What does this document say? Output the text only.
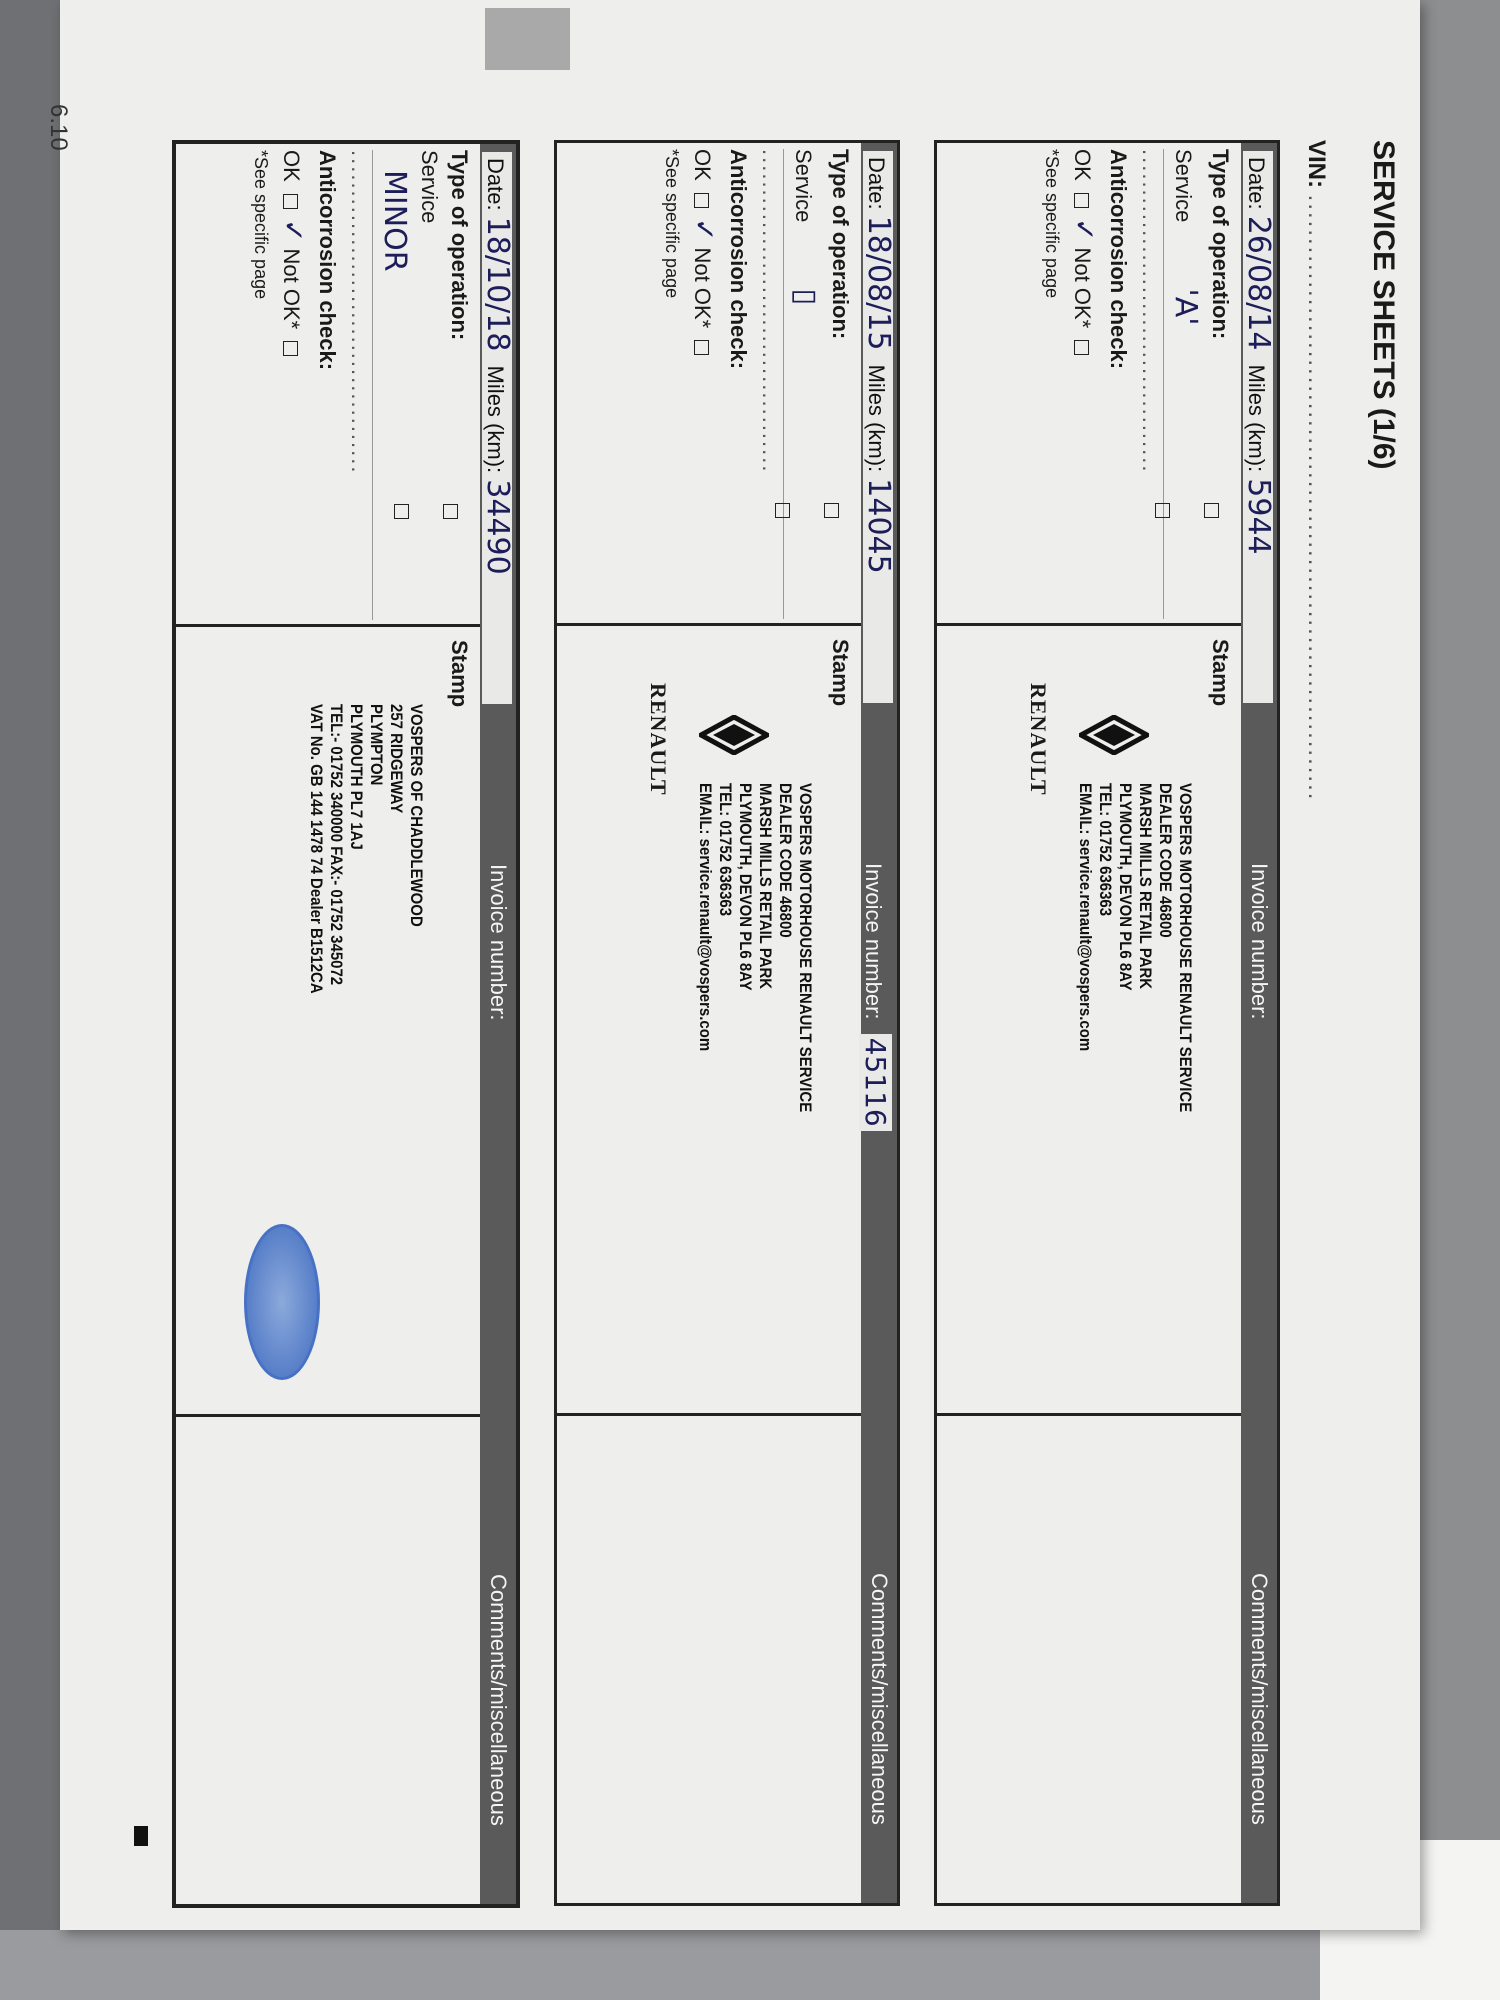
6.10
SERVICE SHEETS (1/6)
VIN: ......................................................................
Date: 26/08/14 Miles (km): 5944
Invoice number:
Comments/miscellaneous
Type of operation:
Service 'A'
........................................
Anticorrosion check:
OK ✓ Not OK*
*See specific page
Stamp
RENAULT
VOSPERS MOTORHOUSE RENAULT SERVICE
DEALER CODE 46800
MARSH MILLS RETAIL PARK
PLYMOUTH, DEVON PL6 8AY
TEL: 01752 636363
EMAIL: service.renault@vospers.com
Date: 18/08/15 Miles (km): 14045
Invoice number: 45116
Comments/miscellaneous
Type of operation:
Service ▯
........................................
Anticorrosion check:
OK ✓ Not OK*
*See specific page
Stamp
RENAULT
VOSPERS MOTORHOUSE RENAULT SERVICE
DEALER CODE 46800
MARSH MILLS RETAIL PARK
PLYMOUTH, DEVON PL6 8AY
TEL: 01752 636363
EMAIL: service.renault@vospers.com
Date: 18/10/18 Miles (km): 34490
Invoice number:
Comments/miscellaneous
Type of operation:
Service
MINOR
........................................
Anticorrosion check:
OK ✓ Not OK*
*See specific page
Stamp
VOSPERS OF CHADDLEWOOD
257 RIDGEWAY
PLYMPTON
PLYMOUTH PL7 1AJ
TEL:- 01752 340000 FAX:- 01752 345072
VAT No. GB 144 1478 74 Dealer B1512CA
